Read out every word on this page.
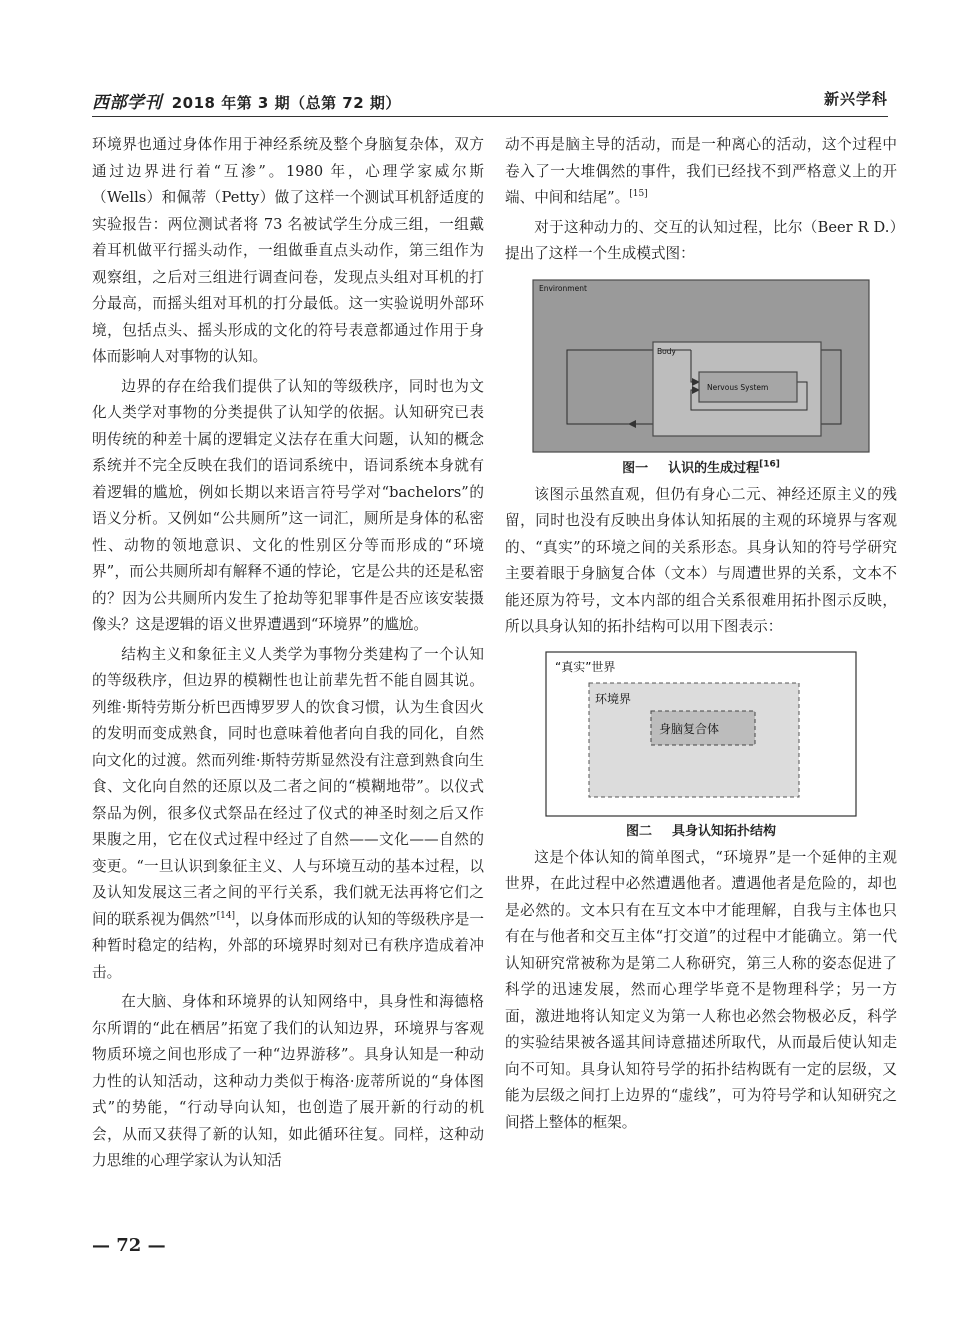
西部学刊 2018 年第 3 期（总第 72 期）	新兴学科

环境界也通过身体作用于神经系统及整个身脑复杂体，双方通过边界进行着“互渗”。1980 年，心理学家威尔斯（Wells）和佩蒂（Petty）做了这样一个测试耳机舒适度的实验报告：两位测试者将 73 名被试学生分成三组，一组戴着耳机做平行摇头动作，一组做垂直点头动作，第三组作为观察组，之后对三组进行调查问卷，发现点头组对耳机的打分最高，而摇头组对耳机的打分最低。这一实验说明外部环境，包括点头、摇头形成的文化的符号表意都通过作用于身体而影响人对事物的认知。

边界的存在给我们提供了认知的等级秩序，同时也为文化人类学对事物的分类提供了认知学的依据。认知研究已表明传统的种差十属的逻辑定义法存在重大问题，认知的概念系统并不完全反映在我们的语词系统中，语词系统本身就有着逻辑的尴尬，例如长期以来语言符号学对“bachelors”的语义分析。又例如“公共厕所”这一词汇，厕所是身体的私密性、动物的领地意识、文化的性别区分等而形成的“环境界”，而公共厕所却有解释不通的悖论，它是公共的还是私密的？因为公共厕所内发生了抢劫等犯罪事件是否应该安装摄像头？这是逻辑的语义世界遭遇到“环境界”的尴尬。

结构主义和象征主义人类学为事物分类建构了一个认知的等级秩序，但边界的模糊性也让前辈先哲不能自圆其说。列维·斯特劳斯分析巴西博罗罗人的饮食习惯，认为生食因火的发明而变成熟食，同时也意味着他者向自我的同化，自然向文化的过渡。然而列维·斯特劳斯显然没有注意到熟食向生食、文化向自然的还原以及二者之间的“模糊地带”。以仪式祭品为例，很多仪式祭品在经过了仪式的神圣时刻之后又作果腹之用，它在仪式过程中经过了自然——文化——自然的变更。“一旦认识到象征主义、人与环境互动的基本过程，以及认知发展这三者之间的平行关系，我们就无法再将它们之间的联系视为偶然”[14]，以身体而形成的认知的等级秩序是一种暂时稳定的结构，外部的环境界时刻对已有秩序造成着冲击。

在大脑、身体和环境界的认知网络中，具身性和海德格尔所谓的“此在栖居”拓宽了我们的认知边界，环境界与客观物质环境之间也形成了一种“边界游移”。具身认知是一种动力性的认知活动，这种动力类似于梅洛·庞蒂所说的“身体图式”的势能，“行动导向认知，也创造了展开新的行动的机会，从而又获得了新的认知，如此循环往复。同样，这种动力思维的心理学家认为认知活

动不再是脑主导的活动，而是一种离心的活动，这个过程中卷入了一大堆偶然的事件，我们已经找不到严格意义上的开端、中间和结尾”。[15]

对于这种动力的、交互的认知过程，比尔（Beer R D.）提出了这样一个生成模式图：

Environment
Body
Nervous System
图一 认识的生成过程[16]

该图示虽然直观，但仍有身心二元、神经还原主义的残留，同时也没有反映出身体认知拓展的主观的环境界与客观的、“真实”的环境之间的关系形态。具身认知的符号学研究主要着眼于身脑复合体（文本）与周遭世界的关系，文本不能还原为符号，文本内部的组合关系很难用拓扑图示反映，所以具身认知的拓扑结构可以用下图表示：

“真实”世界
环境界
身脑复合体
图二 具身认知拓扑结构

这是个体认知的简单图式，“环境界”是一个延伸的主观世界，在此过程中必然遭遇他者。遭遇他者是危险的，却也是必然的。文本只有在互文本中才能理解，自我与主体也只有在与他者和交互主体“打交道”的过程中才能确立。第一代认知研究常被称为是第二人称研究，第三人称的姿态促进了科学的迅速发展，然而心理学毕竟不是物理科学；另一方面，激进地将认知定义为第一人称也必然会物极必反，科学的实验结果被各遥其间诗意描述所取代，从而最后使认知走向不可知。具身认知符号学的拓扑结构既有一定的层级，又能为层级之间打上边界的“虚线”，可为符号学和认知研究之间搭上整体的框架。

— 72 —
